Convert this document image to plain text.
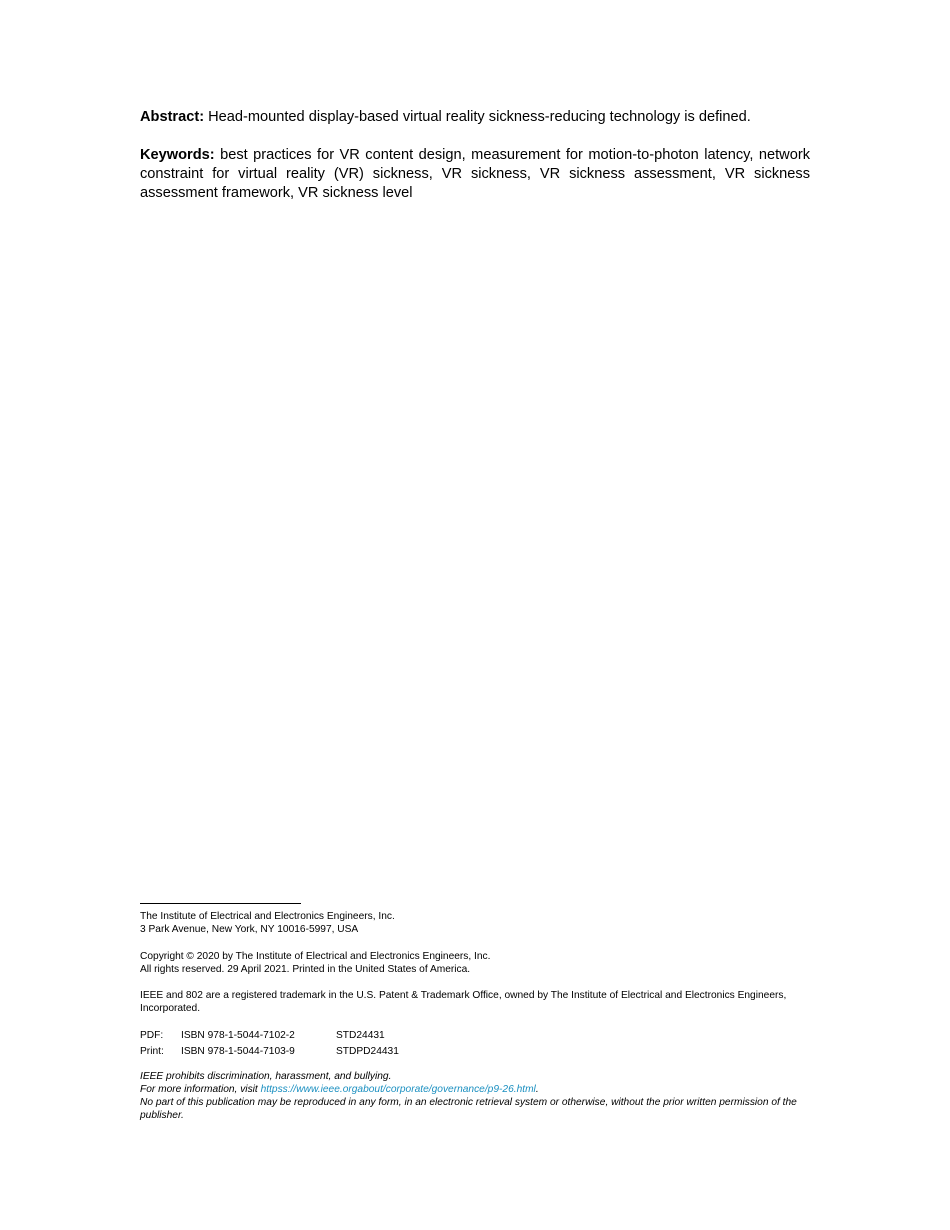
Abstract: Head-mounted display-based virtual reality sickness-reducing technology is defined.

Keywords: best practices for VR content design, measurement for motion-to-photon latency, network constraint for virtual reality (VR) sickness, VR sickness, VR sickness assessment, VR sickness assessment framework, VR sickness level

The Institute of Electrical and Electronics Engineers, Inc.
3 Park Avenue, New York, NY 10016-5997, USA
Copyright © 2020 by The Institute of Electrical and Electronics Engineers, Inc.
All rights reserved. 29 April 2021. Printed in the United States of America.
IEEE and 802 are a registered trademark in the U.S. Patent & Trademark Office, owned by The Institute of Electrical and Electronics Engineers, Incorporated.
PDF:	ISBN 978-1-5044-7102-2	STD24431
Print:	ISBN 978-1-5044-7103-9	STDPD24431
IEEE prohibits discrimination, harassment, and bullying.
For more information, visit httpss://www.ieee.orgabout/corporate/governance/p9-26.html.
No part of this publication may be reproduced in any form, in an electronic retrieval system or otherwise, without the prior written permission of the publisher.
